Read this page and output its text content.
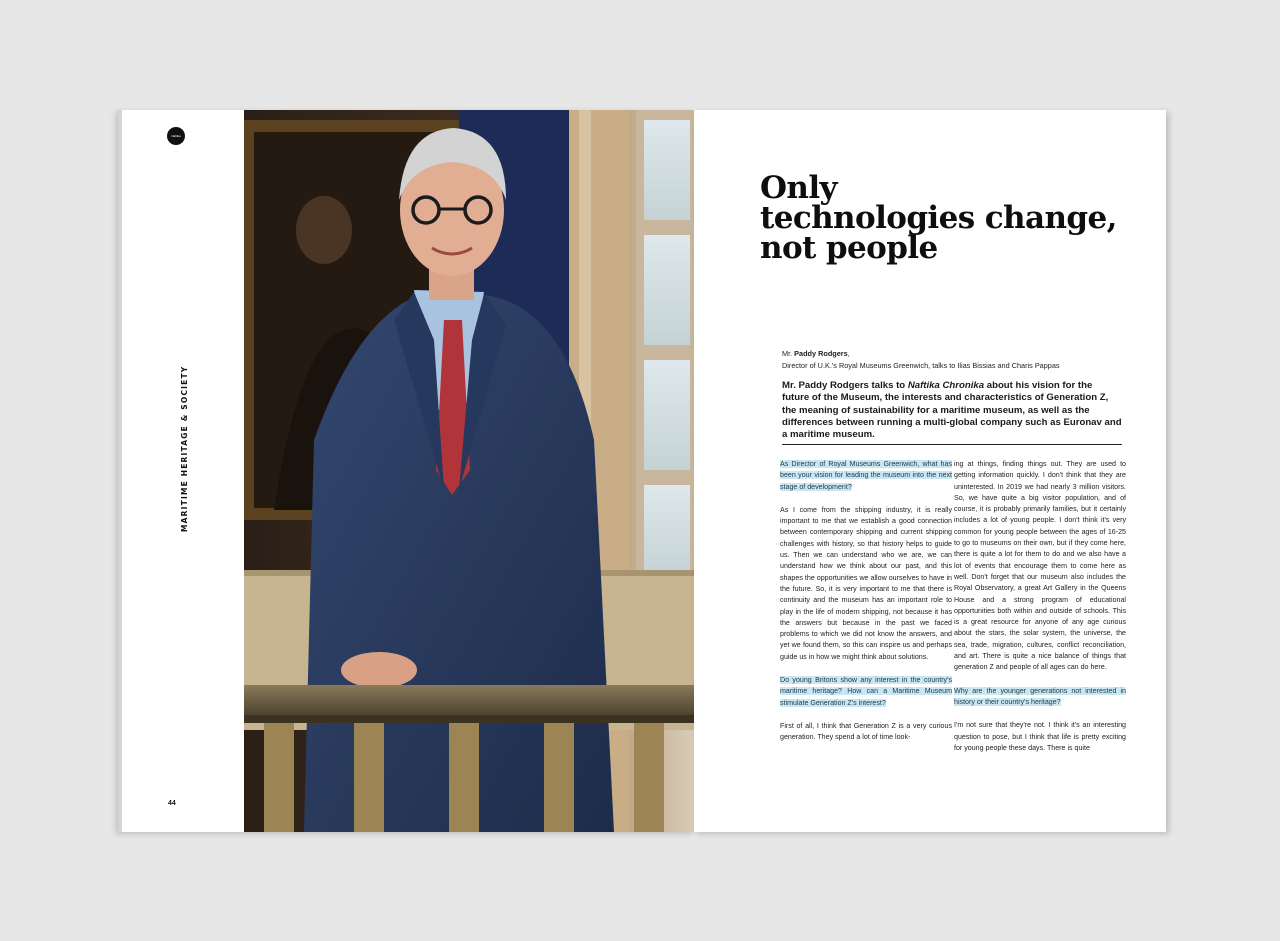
Naftika Chronika
MARITIME HERITAGE & SOCIETY
44
Only
technologies change,
not people
Mr. Paddy Rodgers,
Director of U.K.'s Royal Museums Greenwich, talks to Ilias Bissias and Charis Pappas

Mr. Paddy Rodgers talks to Naftika Chronika about his vision for the future of the Museum, the interests and characteristics of Generation Z, the meaning of sustainability for a maritime museum, as well as the differences between running a multi-global company such as Euronav and a maritime museum.

As Director of Royal Museums Greenwich, what has been your vision for leading the museum into the next stage of development?

As I come from the shipping industry, it is really important to me that we establish a good connection between contemporary shipping and current shipping challenges with history, so that history helps to guide us. Then we can understand who we are, we can understand how we think about our past, and this shapes the opportunities we allow ourselves to have in the future. So, it is very important to me that there is continuity and the museum has an important role to play in the life of modern shipping, not because it has the answers but because in the past we faced problems to which we did not know the answers, and yet we found them, so this can inspire us and perhaps guide us in how we might think about solutions.

Do young Britons show any interest in the country's maritime heritage? How can a Maritime Museum stimulate Generation Z's interest?

First of all, I think that Generation Z is a very curious generation. They spend a lot of time look-

ing at things, finding things out. They are used to getting information quickly. I don't think that they are uninterested. In 2019 we had nearly 3 million visitors. So, we have quite a big visitor population, and of course, it is probably primarily families, but it certainly includes a lot of young people. I don't think it's very common for young people between the ages of 16-25 to go to museums on their own, but if they come here, there is quite a lot for them to do and we also have a lot of events that encourage them to come here as well. Don't forget that our museum also includes the Royal Observatory, a great Art Gallery in the Queens House and a strong program of educational opportunities both within and outside of schools. This is a great resource for anyone of any age curious about the stars, the solar system, the universe, the sea, trade, migration, cultures, conflict reconciliation, and art. There is quite a nice balance of things that generation Z and people of all ages can do here.

Why are the younger generations not interested in history or their country's heritage?

I'm not sure that they're not. I think it's an interesting question to pose, but I think that life is pretty exciting for young people these days. There is quite
